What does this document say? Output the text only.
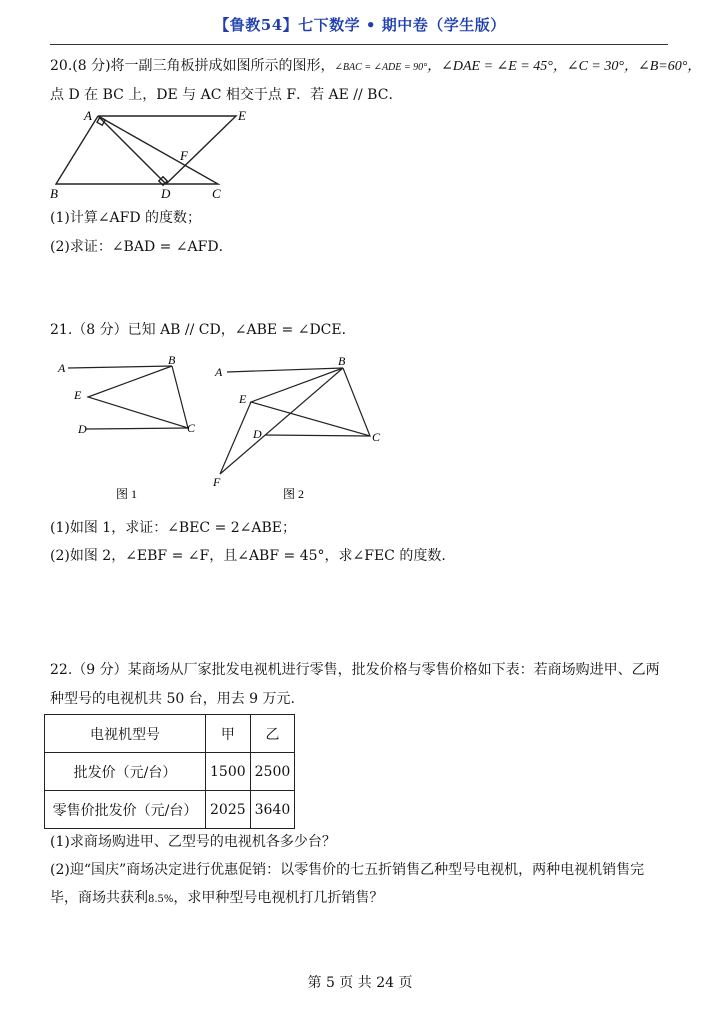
【鲁教54】七下数学 • 期中卷（学生版）
20.(8 分)将一副三角板拼成如图所示的图形，∠BAC = ∠ADE = 90°，∠DAE = ∠E = 45°，∠C = 30°，∠B=60°，
点 D 在 BC 上，DE 与 AC 相交于点 F．若 AE // BC．
A	E
F
B	D	C
(1)计算∠AFD 的度数；
(2)求证：∠BAD = ∠AFD．
21.（8 分）已知 AB // CD，∠ABE = ∠DCE．
A
B
E
D	C
图 1
A
B
E
D	C
F
图 2
(1)如图 1，求证：∠BEC = 2∠ABE；
(2)如图 2，∠EBF = ∠F，且∠ABF = 45°，求∠FEC 的度数.
22.（9 分）某商场从厂家批发电视机进行零售，批发价格与零售价格如下表：若商场购进甲、乙两
种型号的电视机共 50 台，用去 9 万元.
电视机型号	甲	乙
批发价（元/台）	1500	2500
零售价批发价（元/台）	2025	3640
(1)求商场购进甲、乙型号的电视机各多少台？
(2)迎“国庆”商场决定进行优惠促销：以零售价的七五折销售乙种型号电视机，两种电视机销售完
毕，商场共获利8.5%，求甲种型号电视机打几折销售？
第 5 页 共 24 页
